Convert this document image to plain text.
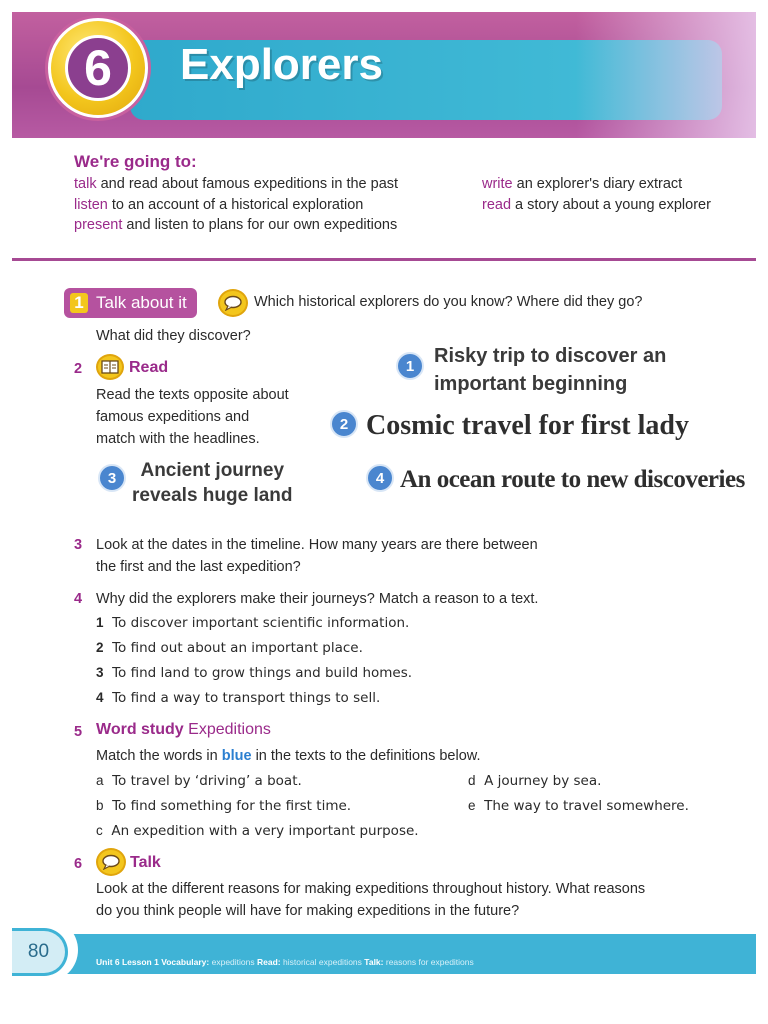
6 Explorers
We're going to:
talk and read about famous expeditions in the past
listen to an account of a historical exploration
present and listen to plans for our own expeditions
write an explorer's diary extract
read a story about a young explorer
1 Talk about it	Which historical explorers do you know? Where did they go?
What did they discover?
2	Read
Read the texts opposite about
famous expeditions and
match with the headlines.
1 Risky trip to discover an
important beginning
2 Cosmic travel for first lady
3	Ancient journey
reveals huge land
4 An ocean route to new discoveries
3 Look at the dates in the timeline. How many years are there between
the first and the last expedition?
4 Why did the explorers make their journeys? Match a reason to a text.
1 To discover important scientific information.
2 To find out about an important place.
3 To find land to grow things and build homes.
4 To find a way to transport things to sell.
5 Word study Expeditions
Match the words in blue in the texts to the definitions below.
a To travel by ‘driving’ a boat.
b To find something for the first time.
c An expedition with a very important purpose.
d A journey by sea.
e The way to travel somewhere.
6	Talk
Look at the different reasons for making expeditions throughout history. What reasons
do you think people will have for making expeditions in the future?
80	Unit 6 Lesson 1 Vocabulary: expeditions Read: historical expeditions Talk: reasons for expeditions
